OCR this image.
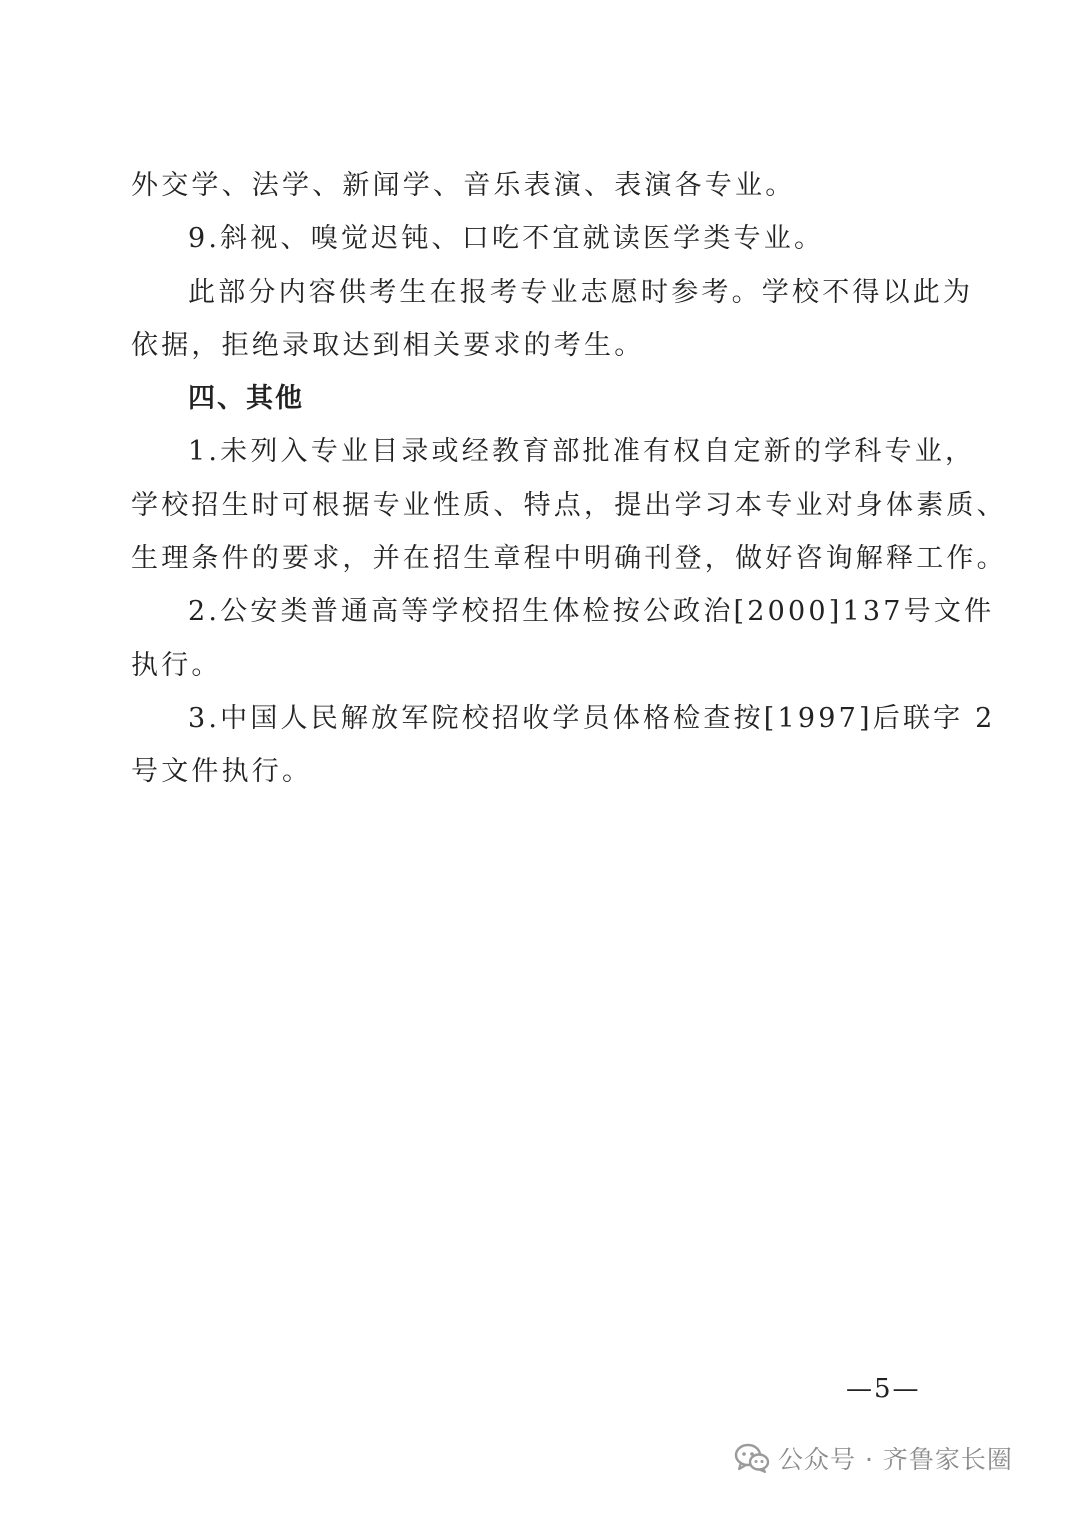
外交学、法学、新闻学、音乐表演、表演各专业。
9.斜视、嗅觉迟钝、口吃不宜就读医学类专业。
此部分内容供考生在报考专业志愿时参考。学校不得以此为
依据，拒绝录取达到相关要求的考生。
四、其他
1.未列入专业目录或经教育部批准有权自定新的学科专业，
学校招生时可根据专业性质、特点，提出学习本专业对身体素质、
生理条件的要求，并在招生章程中明确刊登，做好咨询解释工作。
2.公安类普通高等学校招生体检按公政治[2000]137号文件
执行。
3.中国人民解放军院校招收学员体格检查按[1997]后联字 2
号文件执行。
—5—
公众号 · 齐鲁家长圈
